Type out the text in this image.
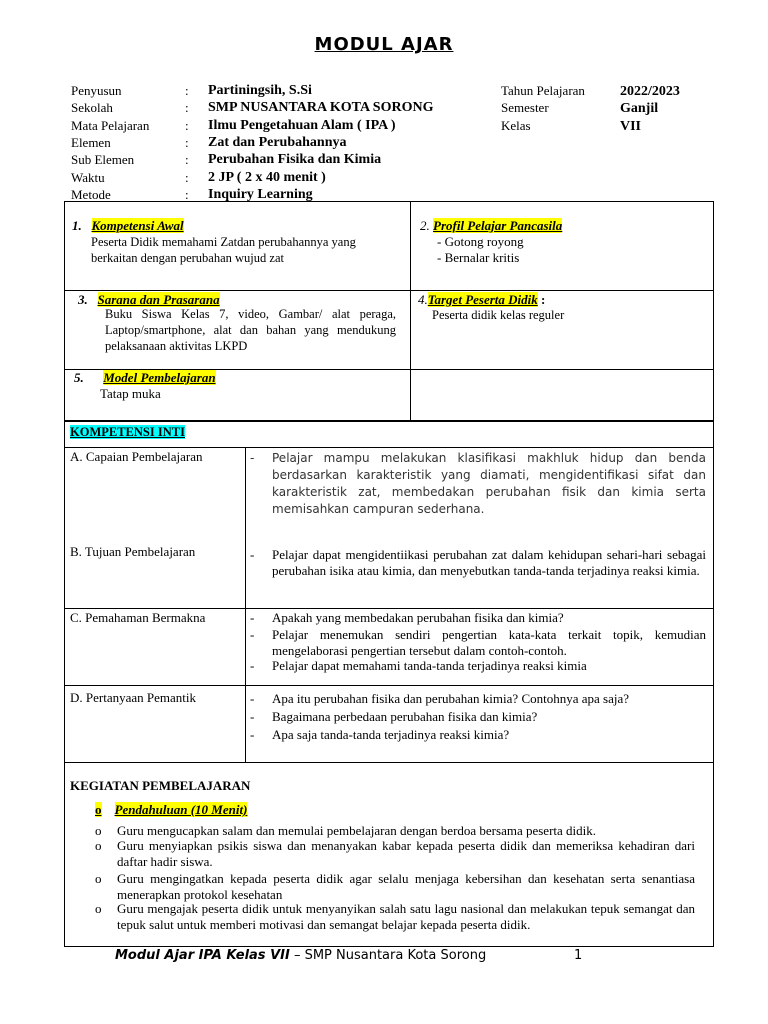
MODUL AJAR
Penyusun	: Partiningsih, S.Si
Sekolah	: SMP NUSANTARA KOTA SORONG
Mata Pelajaran	: Ilmu Pengetahuan Alam ( IPA )
Elemen	: Zat dan Perubahannya
Sub Elemen	: Perubahan Fisika dan Kimia
Waktu	: 2 JP ( 2 x 40 menit )
Metode	: Inquiry Learning
Tahun Pelajaran	2022/2023
Semester	Ganjil
Kelas	VII
1. Kompetensi Awal
Peserta Didik memahami Zatdan perubahannya yang berkaitan dengan perubahan wujud zat
2. Profil Pelajar Pancasila
- Gotong royong
- Bernalar kritis
3. Sarana dan Prasarana
Buku Siswa Kelas 7, video, Gambar/ alat peraga, Laptop/smartphone, alat dan bahan yang mendukung pelaksanaan aktivitas LKPD
4.Target Peserta Didik :
Peserta didik kelas reguler
5. Model Pembelajaran
Tatap muka
KOMPETENSI INTI
A. Capaian Pembelajaran	- Pelajar mampu melakukan klasifikasi makhluk hidup dan benda berdasarkan karakteristik yang diamati, mengidentifikasi sifat dan karakteristik zat, membedakan perubahan fisik dan kimia serta memisahkan campuran sederhana.
B. Tujuan Pembelajaran	- Pelajar dapat mengidentiikasi perubahan zat dalam kehidupan sehari-hari sebagai perubahan isika atau kimia, dan menyebutkan tanda-tanda terjadinya reaksi kimia.
C. Pemahaman Bermakna	- Apakah yang membedakan perubahan fisika dan kimia?
- Pelajar menemukan sendiri pengertian kata-kata terkait topik, kemudian mengelaborasi pengertian tersebut dalam contoh-contoh.
- Pelajar dapat memahami tanda-tanda terjadinya reaksi kimia
D. Pertanyaan Pemantik	- Apa itu perubahan fisika dan perubahan kimia? Contohnya apa saja?
- Bagaimana perbedaan perubahan fisika dan kimia?
- Apa saja tanda-tanda terjadinya reaksi kimia?
KEGIATAN PEMBELAJARAN
o Pendahuluan (10 Menit)
o Guru mengucapkan salam dan memulai pembelajaran dengan berdoa bersama peserta didik.
o Guru menyiapkan psikis siswa dan menanyakan kabar kepada peserta didik dan memeriksa kehadiran dari daftar hadir siswa.
o Guru mengingatkan kepada peserta didik agar selalu menjaga kebersihan dan kesehatan serta senantiasa menerapkan protokol kesehatan
o Guru mengajak peserta didik untuk menyanyikan salah satu lagu nasional dan melakukan tepuk semangat dan tepuk salut untuk memberi motivasi dan semangat belajar kepada peserta didik.
Modul Ajar IPA Kelas VII – SMP Nusantara Kota Sorong	1
